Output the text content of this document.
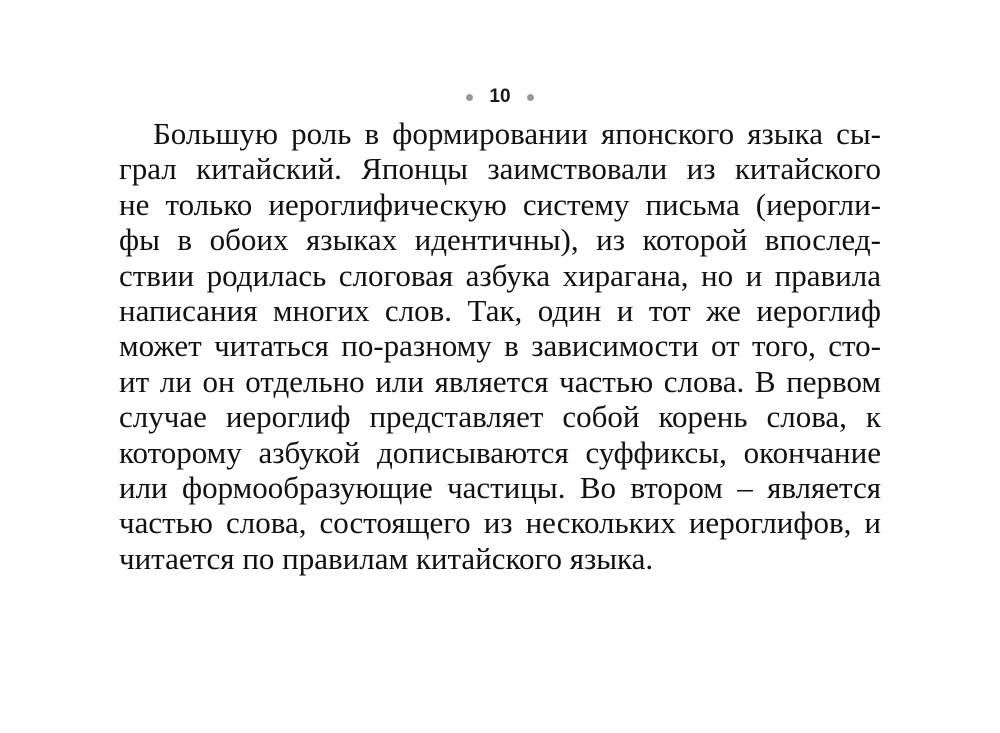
10
Большую роль в формировании японского языка сы-
грал китайский. Японцы заимствовали из китайского
не только иероглифическую систему письма (иерогли-
фы в обоих языках идентичны), из которой впослед-
ствии родилась слоговая азбука хирагана, но и правила
написания многих слов. Так, один и тот же иероглиф
может читаться по-разному в зависимости от того, сто-
ит ли он отдельно или является частью слова. В первом
случае иероглиф представляет собой корень слова, к
которому азбукой дописываются суффиксы, окончание
или формообразующие частицы. Во втором – является
частью слова, состоящего из нескольких иероглифов, и
читается по правилам китайского языка.
